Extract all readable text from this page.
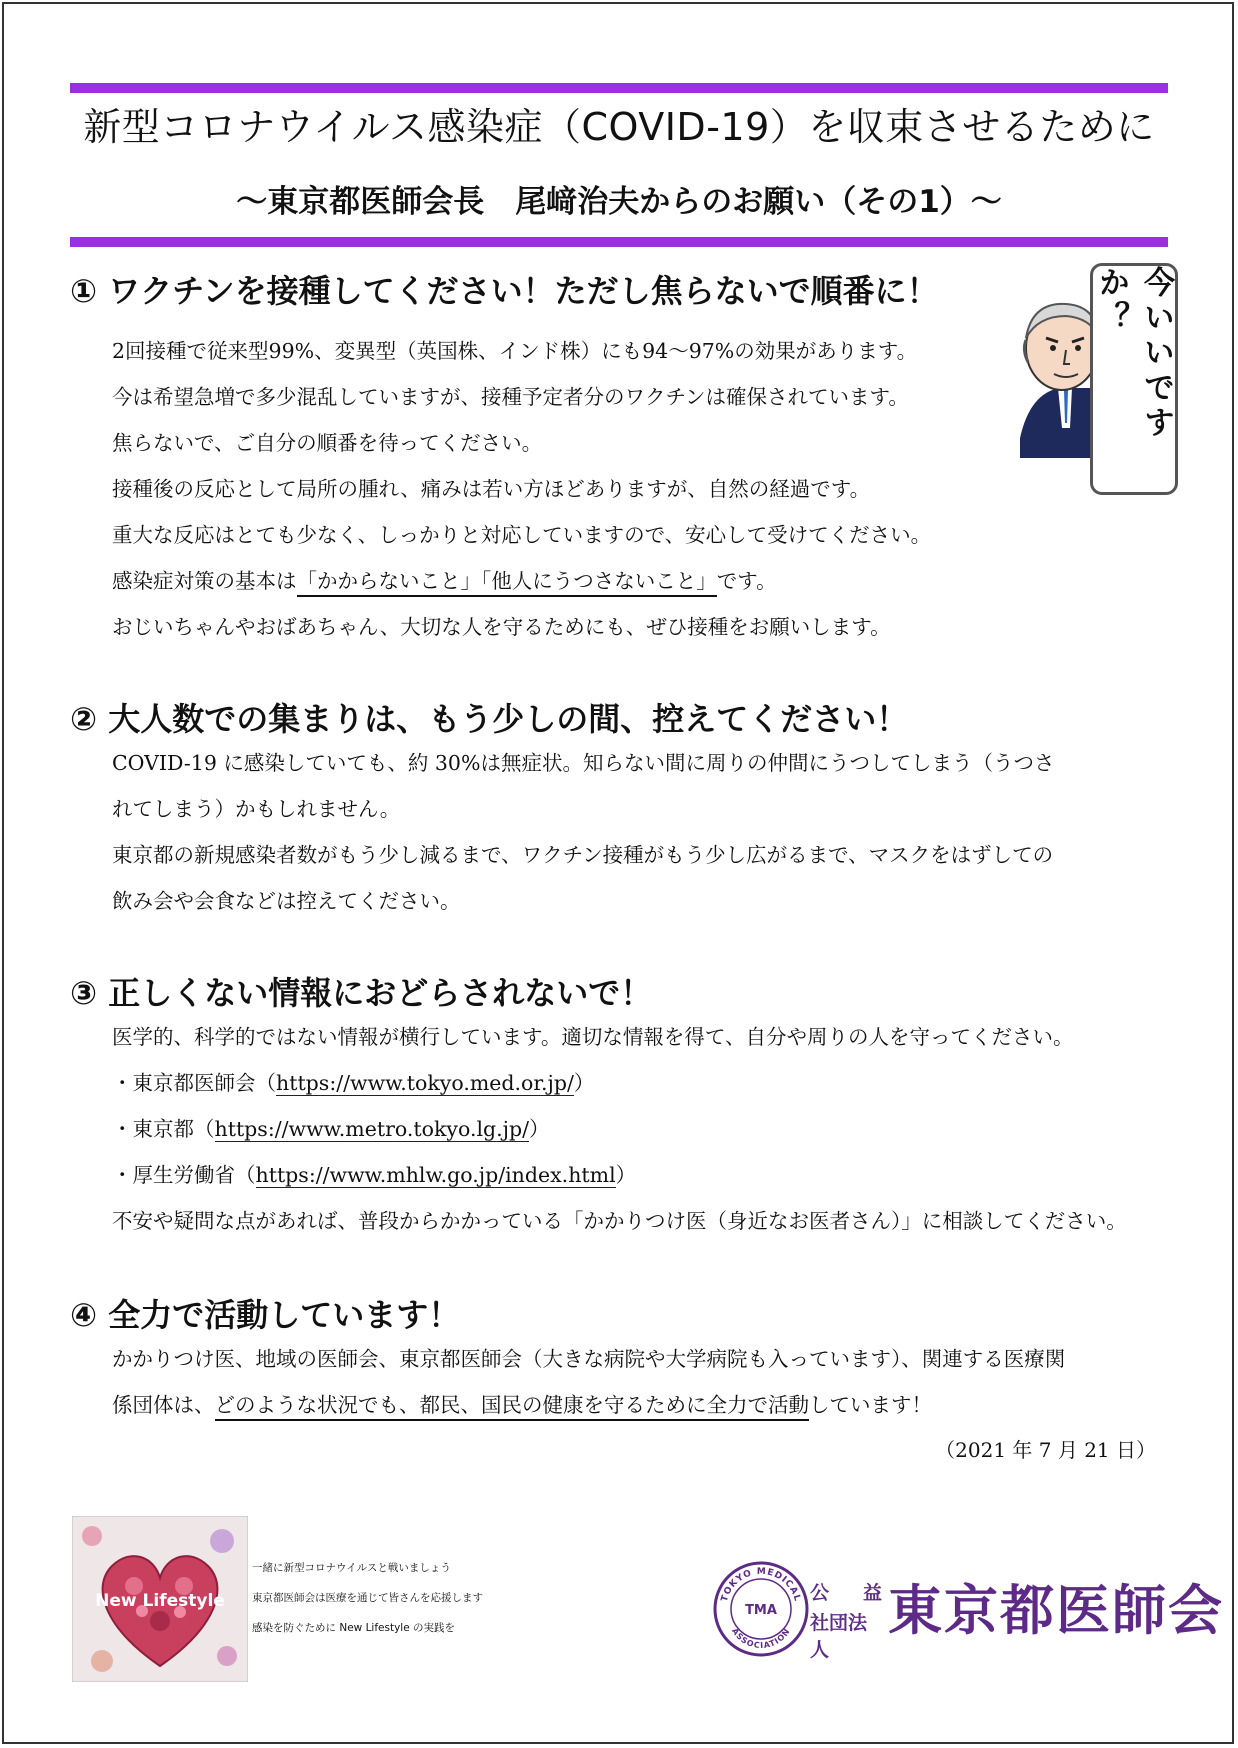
新型コロナウイルス感染症（COVID-19）を収束させるために
～東京都医師会長　尾﨑治夫からのお願い（その1）～
今いいですか？
① ワクチンを接種してください！ただし焦らないで順番に！
2回接種で従来型99%、変異型（英国株、インド株）にも94～97%の効果があります。
今は希望急増で多少混乱していますが、接種予定者分のワクチンは確保されています。
焦らないで、ご自分の順番を待ってください。
接種後の反応として局所の腫れ、痛みは若い方ほどありますが、自然の経過です。
重大な反応はとても少なく、しっかりと対応していますので、安心して受けてください。
感染症対策の基本は「かからないこと」「他人にうつさないこと」です。
おじいちゃんやおばあちゃん、大切な人を守るためにも、ぜひ接種をお願いします。
② 大人数での集まりは、もう少しの間、控えてください！
COVID-19 に感染していても、約 30%は無症状。知らない間に周りの仲間にうつしてしまう（うつさ
れてしまう）かもしれません。
東京都の新規感染者数がもう少し減るまで、ワクチン接種がもう少し広がるまで、マスクをはずしての
飲み会や会食などは控えてください。
③ 正しくない情報におどらされないで！
医学的、科学的ではない情報が横行しています。適切な情報を得て、自分や周りの人を守ってください。
・東京都医師会（https://www.tokyo.med.or.jp/）
・東京都（https://www.metro.tokyo.lg.jp/）
・厚生労働省（https://www.mhlw.go.jp/index.html）
不安や疑問な点があれば、普段からかかっている「かかりつけ医（身近なお医者さん）」に相談してください。
④ 全力で活動しています！
かかりつけ医、地域の医師会、東京都医師会（大きな病院や大学病院も入っています）、関連する医療関
係団体は、どのような状況でも、都民、国民の健康を守るために全力で活動しています！
（2021 年 7 月 21 日）
New Lifestyle
一緒に新型コロナウイルスと戦いましょう
東京都医師会は医療を通じて皆さんを応援します
感染を防ぐために New Lifestyle の実践を
TOKYO MEDICAL
ASSOCIATION
TMA
公 益
社団法人
東京都医師会
